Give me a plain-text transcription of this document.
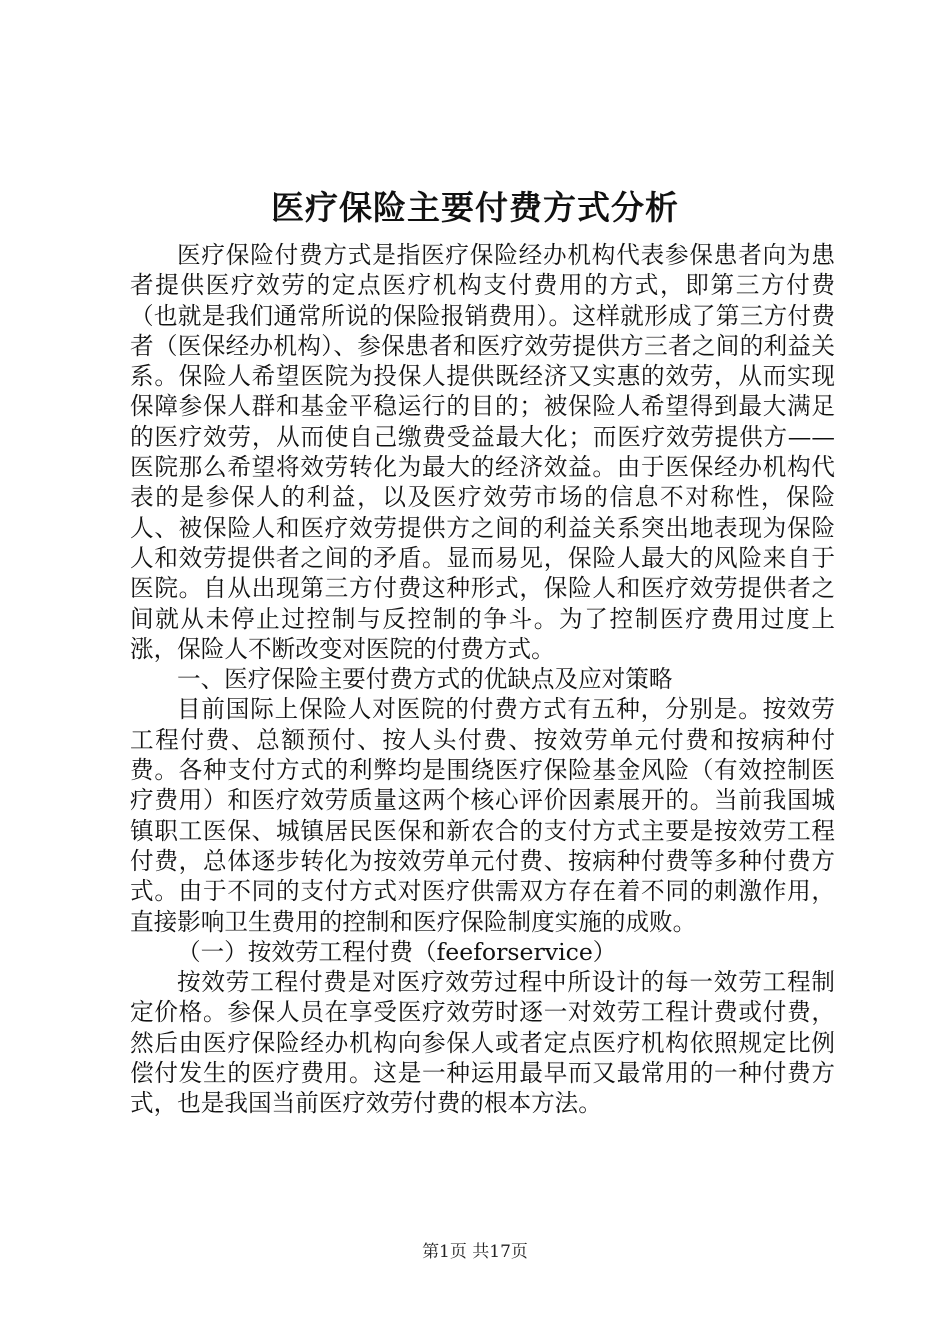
医疗保险主要付费方式分析

医疗保险付费方式是指医疗保险经办机构代表参保患者向为患者提供医疗效劳的定点医疗机构支付费用的方式，即第三方付费（也就是我们通常所说的保险报销费用）。这样就形成了第三方付费者（医保经办机构）、参保患者和医疗效劳提供方三者之间的利益关系。保险人希望医院为投保人提供既经济又实惠的效劳，从而实现保障参保人群和基金平稳运行的目的；被保险人希望得到最大满足的医疗效劳，从而使自己缴费受益最大化；而医疗效劳提供方——医院那么希望将效劳转化为最大的经济效益。由于医保经办机构代表的是参保人的利益，以及医疗效劳市场的信息不对称性，保险人、被保险人和医疗效劳提供方之间的利益关系突出地表现为保险人和效劳提供者之间的矛盾。显而易见，保险人最大的风险来自于医院。自从出现第三方付费这种形式，保险人和医疗效劳提供者之间就从未停止过控制与反控制的争斗。为了控制医疗费用过度上涨，保险人不断改变对医院的付费方式。

一、医疗保险主要付费方式的优缺点及应对策略

目前国际上保险人对医院的付费方式有五种，分别是。按效劳工程付费、总额预付、按人头付费、按效劳单元付费和按病种付费。各种支付方式的利弊均是围绕医疗保险基金风险（有效控制医疗费用）和医疗效劳质量这两个核心评价因素展开的。当前我国城镇职工医保、城镇居民医保和新农合的支付方式主要是按效劳工程付费，总体逐步转化为按效劳单元付费、按病种付费等多种付费方式。由于不同的支付方式对医疗供需双方存在着不同的刺激作用，直接影响卫生费用的控制和医疗保险制度实施的成败。

（一）按效劳工程付费（feeforservice）

按效劳工程付费是对医疗效劳过程中所设计的每一效劳工程制定价格。参保人员在享受医疗效劳时逐一对效劳工程计费或付费，然后由医疗保险经办机构向参保人或者定点医疗机构依照规定比例偿付发生的医疗费用。这是一种运用最早而又最常用的一种付费方式，也是我国当前医疗效劳付费的根本方法。

第1页 共17页
